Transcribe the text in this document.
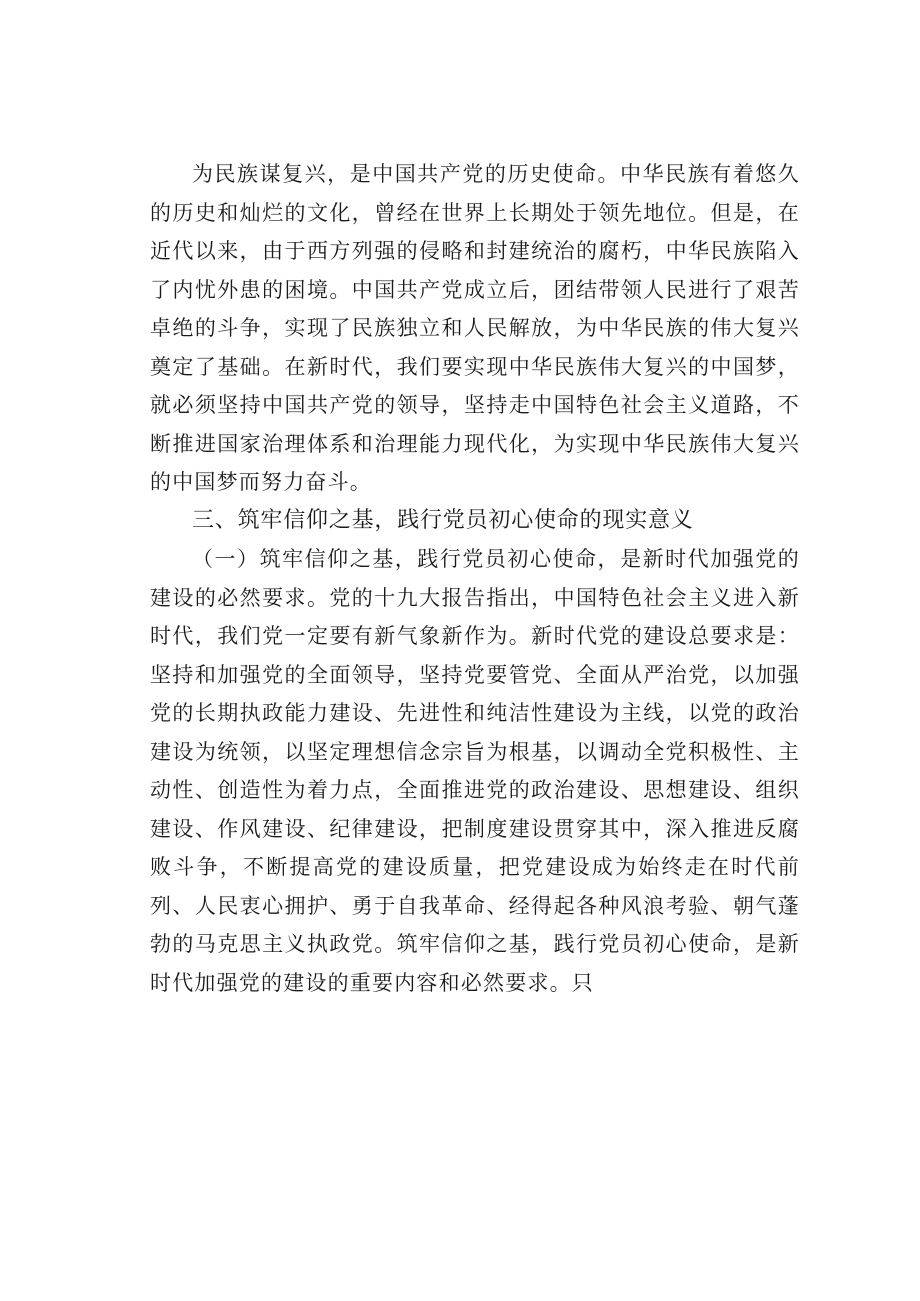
为民族谋复兴，是中国共产党的历史使命。中华民族有着悠久的历史和灿烂的文化，曾经在世界上长期处于领先地位。但是，在近代以来，由于西方列强的侵略和封建统治的腐朽，中华民族陷入了内忧外患的困境。中国共产党成立后，团结带领人民进行了艰苦卓绝的斗争，实现了民族独立和人民解放，为中华民族的伟大复兴奠定了基础。在新时代，我们要实现中华民族伟大复兴的中国梦，就必须坚持中国共产党的领导，坚持走中国特色社会主义道路，不断推进国家治理体系和治理能力现代化，为实现中华民族伟大复兴的中国梦而努力奋斗。

三、筑牢信仰之基，践行党员初心使命的现实意义

（一）筑牢信仰之基，践行党员初心使命，是新时代加强党的建设的必然要求。党的十九大报告指出，中国特色社会主义进入新时代，我们党一定要有新气象新作为。新时代党的建设总要求是：坚持和加强党的全面领导，坚持党要管党、全面从严治党，以加强党的长期执政能力建设、先进性和纯洁性建设为主线，以党的政治建设为统领，以坚定理想信念宗旨为根基，以调动全党积极性、主动性、创造性为着力点，全面推进党的政治建设、思想建设、组织建设、作风建设、纪律建设，把制度建设贯穿其中，深入推进反腐败斗争，不断提高党的建设质量，把党建设成为始终走在时代前列、人民衷心拥护、勇于自我革命、经得起各种风浪考验、朝气蓬勃的马克思主义执政党。筑牢信仰之基，践行党员初心使命，是新时代加强党的建设的重要内容和必然要求。只
